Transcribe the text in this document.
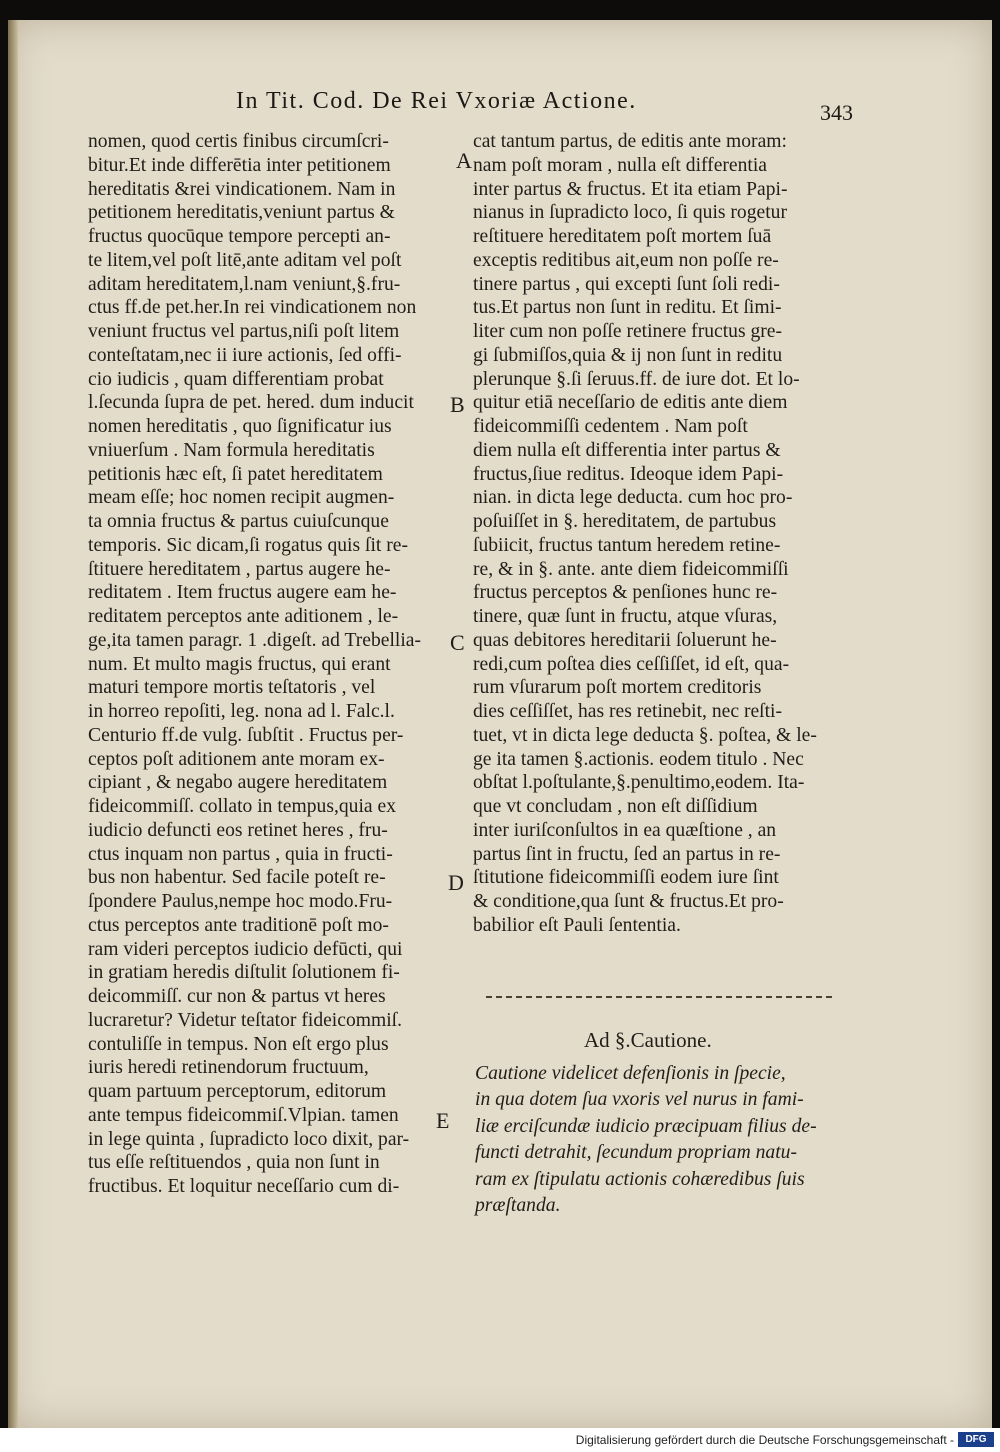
In Tit. Cod. De Rei Vxoriæ Actione.	343
nomen, quod certis finibus circumſcri-
bitur.Et inde differētia inter petitionem
hereditatis &rei vindicationem. Nam in
petitionem hereditatis,veniunt partus &
fructus quocūque tempore percepti an-
te litem,vel poſt litē,ante aditam vel poſt
aditam hereditatem,l.nam veniunt,§.fru-
ctus ff.de pet.her.In rei vindicationem non
veniunt fructus vel partus,niſi poſt litem
conteſtatam,nec ii iure actionis, ſed offi-
cio iudicis , quam differentiam probat
l.ſecunda ſupra de pet. hered. dum inducit
nomen hereditatis , quo ſignificatur ius
vniuerſum . Nam formula hereditatis
petitionis hæc eſt, ſi patet hereditatem
meam eſſe; hoc nomen recipit augmen-
ta omnia fructus & partus cuiuſcunque
temporis. Sic dicam,ſi rogatus quis ſit re-
ſtituere hereditatem , partus augere he-
reditatem . Item fructus augere eam he-
reditatem perceptos ante aditionem , le-
ge,ita tamen paragr. 1 .digeſt. ad Trebellia-
num. Et multo magis fructus, qui erant
maturi tempore mortis teſtatoris , vel
in horreo repoſiti, leg. nona ad l. Falc.l.
Centurio ff.de vulg. ſubſtit . Fructus per-
ceptos poſt aditionem ante moram ex-
cipiant , & negabo augere hereditatem
fideicommiſſ. collato in tempus,quia ex
iudicio defuncti eos retinet heres , fru-
ctus inquam non partus , quia in fructi-
bus non habentur. Sed facile poteſt re-
ſpondere Paulus,nempe hoc modo.Fru-
ctus perceptos ante traditionē poſt mo-
ram videri perceptos iudicio defūcti, qui
in gratiam heredis diſtulit ſolutionem fi-
deicommiſſ. cur non & partus vt heres
lucraretur? Videtur teſtator fideicommiſ.
contuliſſe in tempus. Non eſt ergo plus
iuris heredi retinendorum fructuum,
quam partuum perceptorum, editorum
ante tempus fideicommiſ.Vlpian. tamen
in lege quinta , ſupradicto loco dixit, par-
tus eſſe reſtituendos , quia non ſunt in
fructibus. Et loquitur neceſſario cum di-
cat tantum partus, de editis ante moram:
nam poſt moram , nulla eſt differentia
inter partus & fructus. Et ita etiam Papi-
nianus in ſupradicto loco, ſi quis rogetur
reſtituere hereditatem poſt mortem ſuā
exceptis reditibus ait,eum non poſſe re-
tinere partus , qui excepti ſunt ſoli redi-
tus.Et partus non ſunt in reditu. Et ſimi-
liter cum non poſſe retinere fructus gre-
gi ſubmiſſos,quia & ij non ſunt in reditu
plerunque §.ſi ſeruus.ff. de iure dot. Et lo-
quitur etiā neceſſario de editis ante diem
fideicommiſſi cedentem . Nam poſt
diem nulla eſt differentia inter partus &
fructus,ſiue reditus. Ideoque idem Papi-
nian. in dicta lege deducta. cum hoc pro-
poſuiſſet in §. hereditatem, de partubus
ſubiicit, fructus tantum heredem retine-
re, & in §. ante. ante diem fideicommiſſi
fructus perceptos & penſiones hunc re-
tinere, quæ ſunt in fructu, atque vſuras,
quas debitores hereditarii ſoluerunt he-
redi,cum poſtea dies ceſſiſſet, id eſt, qua-
rum vſurarum poſt mortem creditoris
dies ceſſiſſet, has res retinebit, nec reſti-
tuet, vt in dicta lege deducta §. poſtea, & le-
ge ita tamen §.actionis. eodem titulo . Nec
obſtat l.poſtulante,§.penultimo,eodem. Ita-
que vt concludam , non eſt diſſidium
inter iuriſconſultos in ea quæſtione , an
partus ſint in fructu, ſed an partus in re-
ſtitutione fideicommiſſi eodem iure ſint
& conditione,qua ſunt & fructus.Et pro-
babilior eſt Pauli ſententia.
A
B
C
D
E
Ad §.Cautione.
Cautione videlicet defenſionis in ſpecie,
in qua dotem ſua vxoris vel nurus in fami-
liæ erciſcundæ iudicio præcipuam filius de-
functi detrahit, ſecundum propriam natu-
ram ex ſtipulatu actionis cohæredibus ſuis
præſtanda.
Digitalisierung gefördert durch die Deutsche Forschungsgemeinschaft -	DFG
